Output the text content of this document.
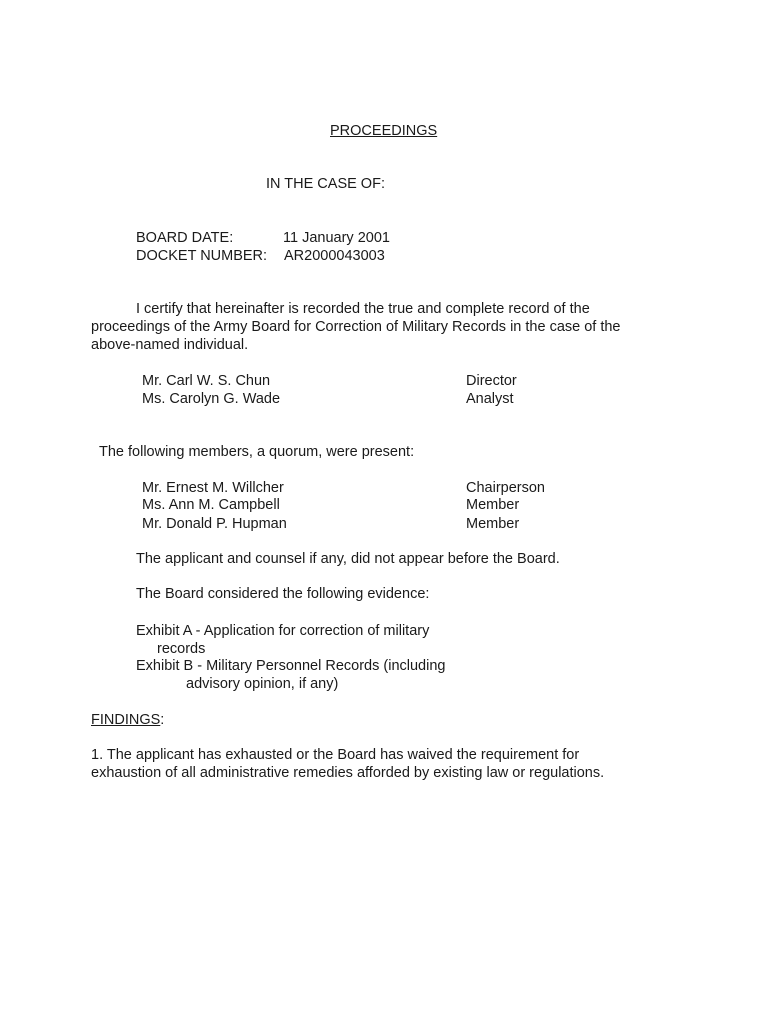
PROCEEDINGS
IN THE CASE OF:
BOARD DATE:	11 January 2001
DOCKET NUMBER: AR2000043003
I certify that hereinafter is recorded the true and complete record of the
proceedings of the Army Board for Correction of Military Records in the case of the
above-named individual.
Mr. Carl W. S. Chun	Director
Ms. Carolyn G. Wade	Analyst
The following members, a quorum, were present:
Mr. Ernest M. Willcher	Chairperson
Ms. Ann M. Campbell	Member
Mr. Donald P. Hupman	Member
The applicant and counsel if any, did not appear before the Board.
The Board considered the following evidence:
Exhibit A - Application for correction of military
records
Exhibit B - Military Personnel Records (including
advisory opinion, if any)
FINDINGS:
1. The applicant has exhausted or the Board has waived the requirement for
exhaustion of all administrative remedies afforded by existing law or regulations.
